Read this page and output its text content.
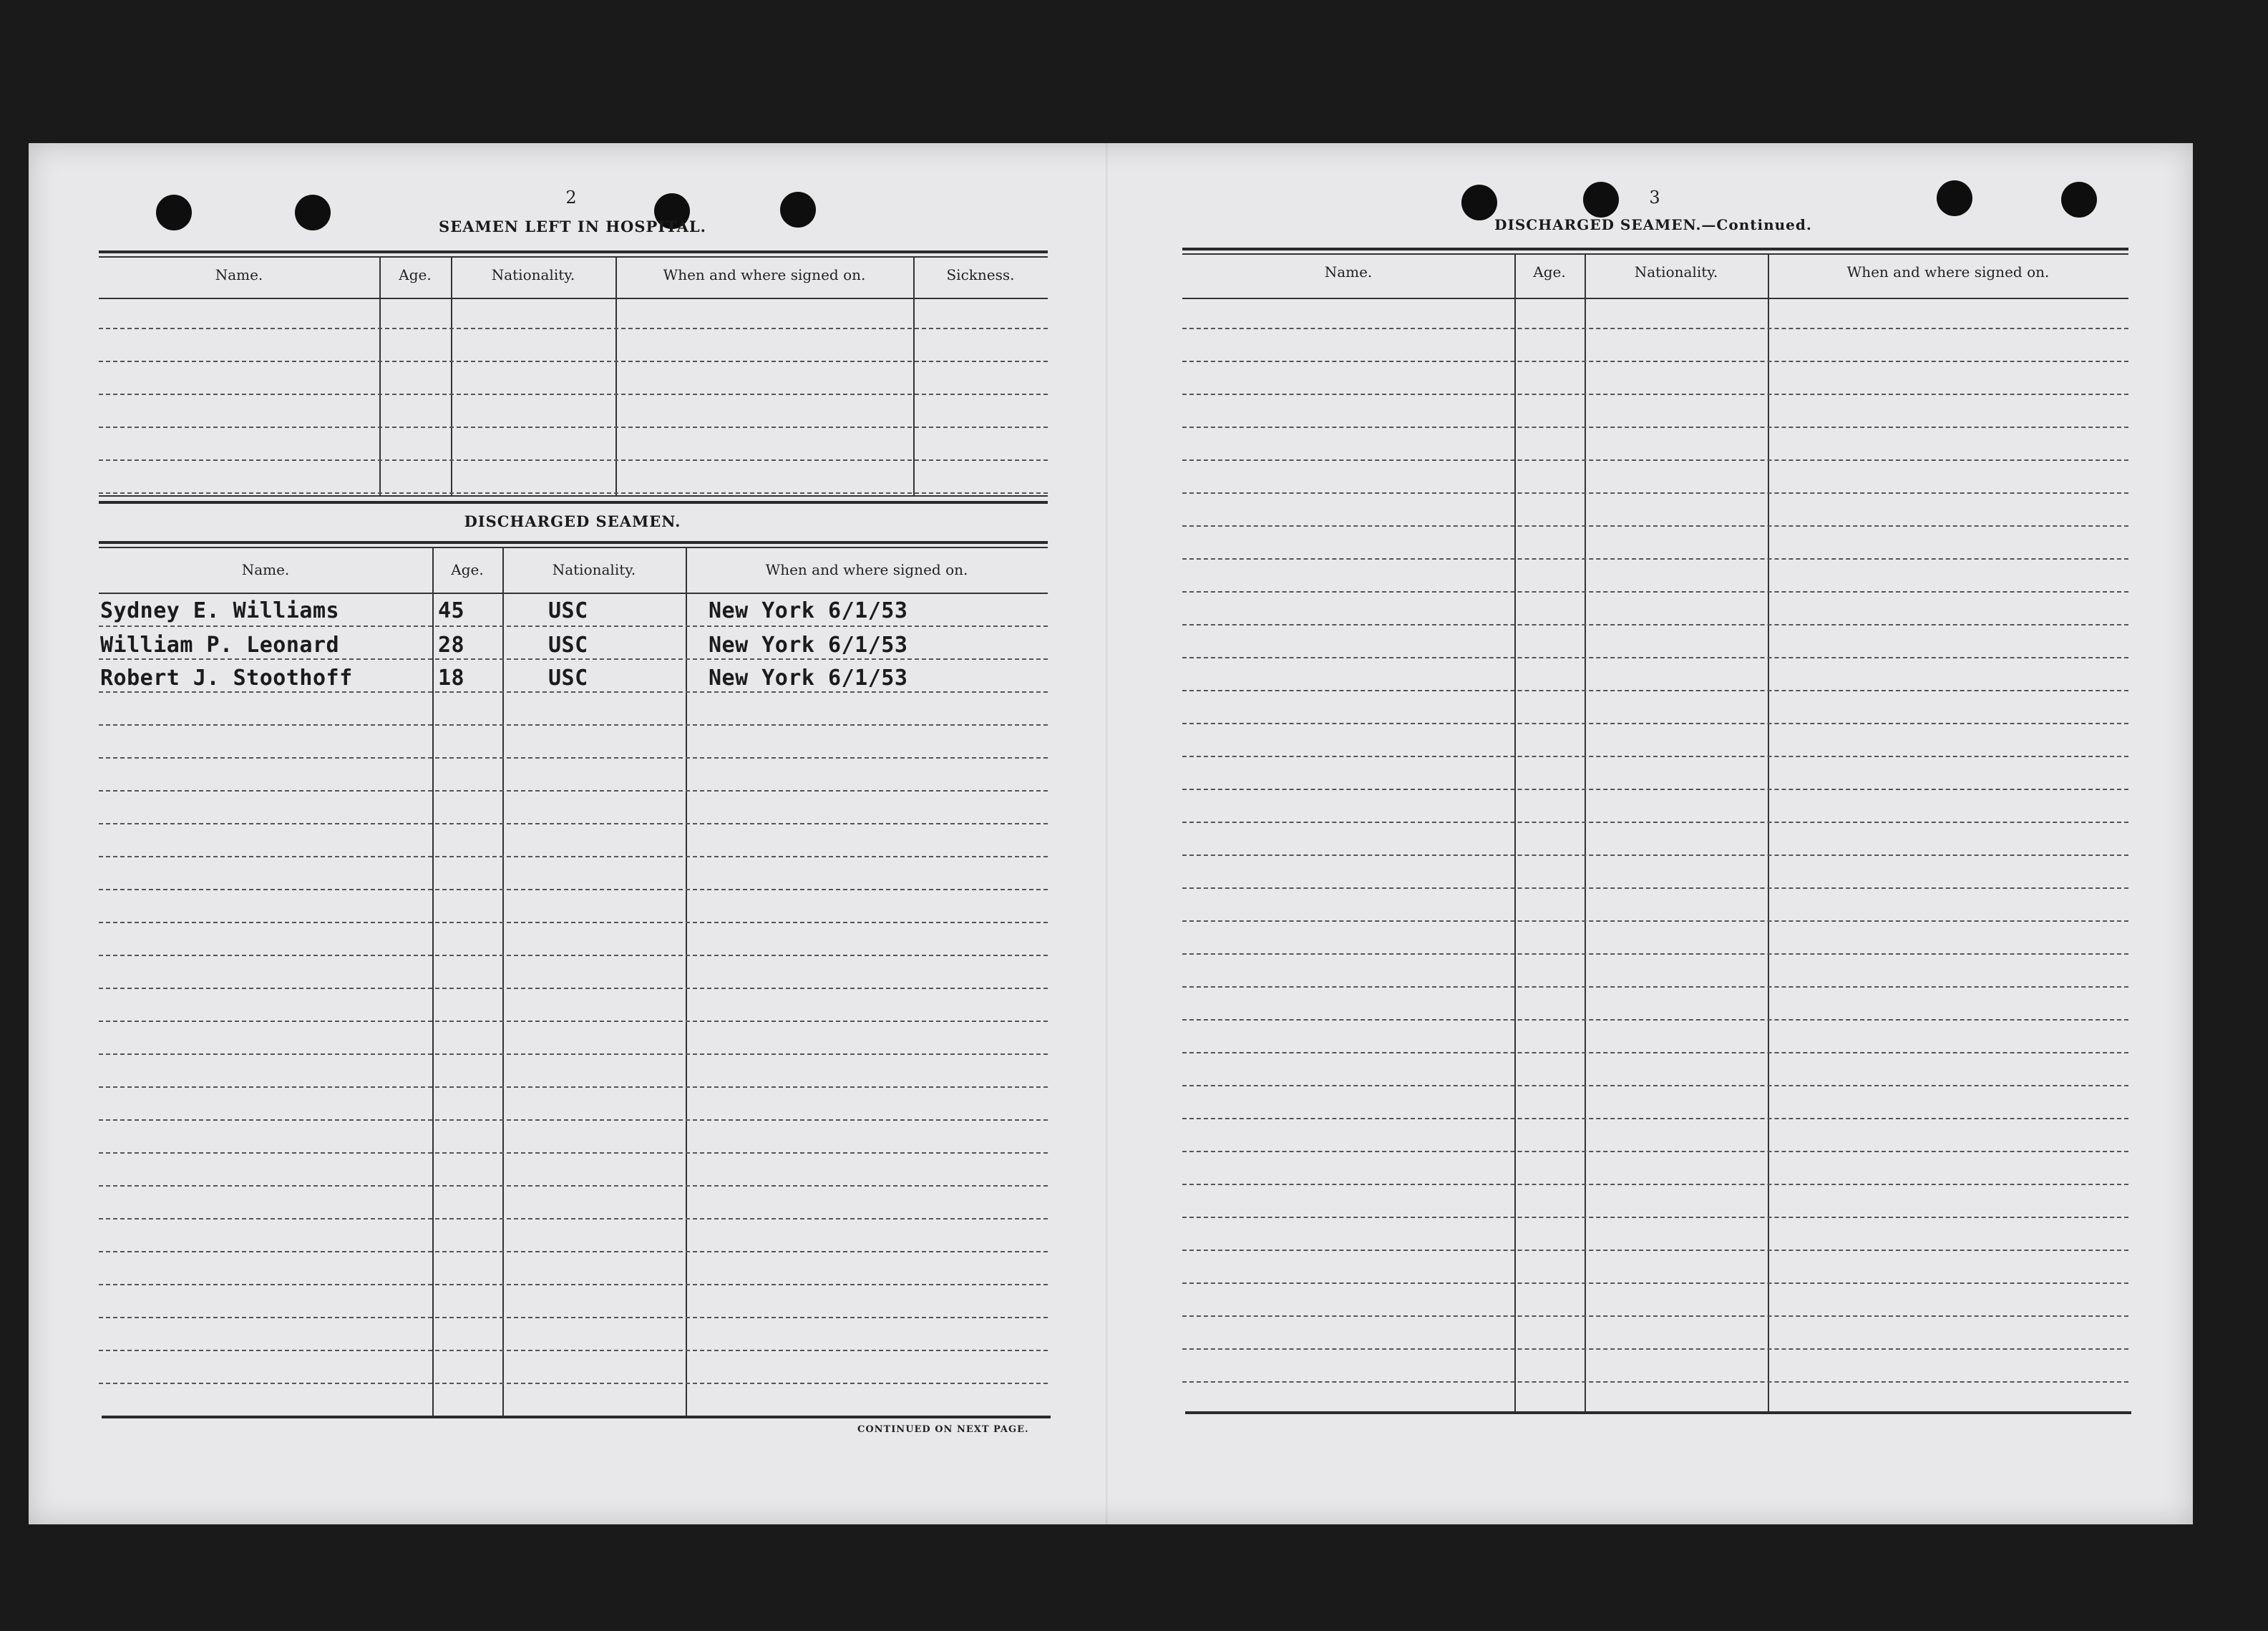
2
SEAMEN LEFT IN HOSPITAL.
Name.	Age.	Nationality.	When and where signed on.	Sickness.
DISCHARGED SEAMEN.
Name.	Age.	Nationality.	When and where signed on.
Sydney E. Williams	45	USC	New York 6/1/53
William P. Leonard	28	USC	New York 6/1/53
Robert J. Stoothoff	18	USC	New York 6/1/53
CONTINUED ON NEXT PAGE.
3
DISCHARGED SEAMEN.—Continued.
Name.	Age.	Nationality.	When and where signed on.
